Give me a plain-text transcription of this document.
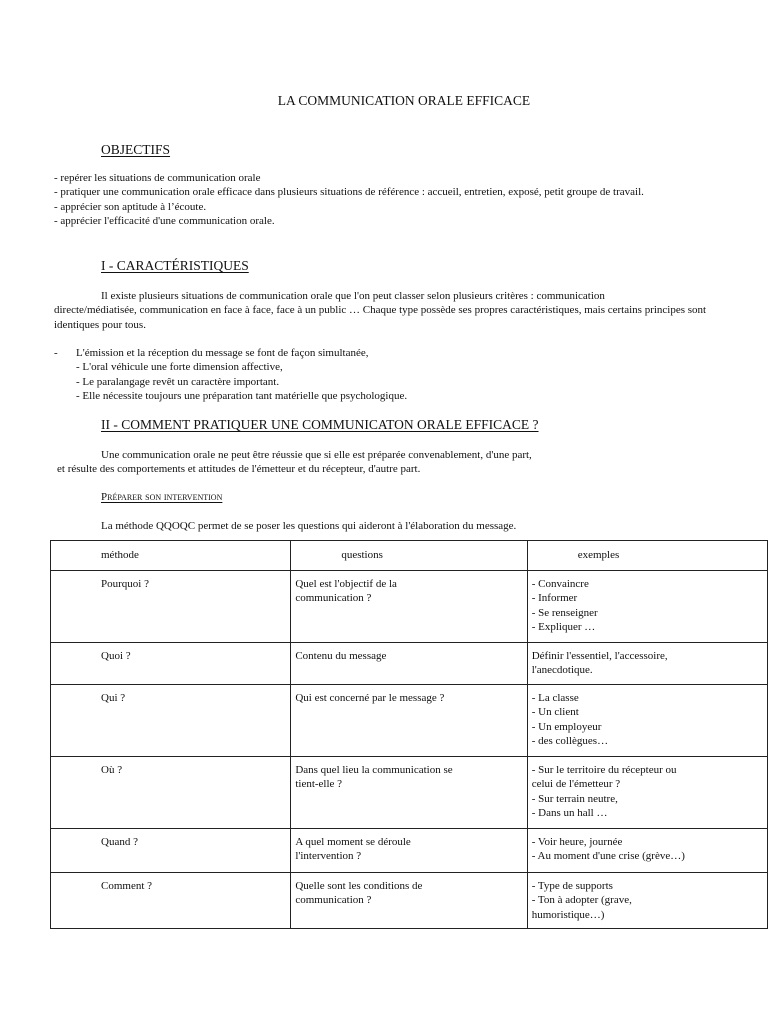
LA COMMUNICATION ORALE EFFICACE
OBJECTIFS
- repérer les situations de communication orale
- pratiquer une communication orale efficace dans plusieurs situations de référence : accueil, entretien, exposé, petit groupe de travail.
- apprécier son aptitude à l’écoute.
- apprécier l'efficacité d'une communication orale.
I - CARACTÉRISTIQUES
Il existe plusieurs situations de communication orale que l'on peut classer selon plusieurs critères : communication
directe/médiatisée, communication en face à face, face à un public … Chaque type possède ses propres caractéristiques, mais certains principes sont identiques pour tous.
-	L'émission et la réception du message se font de façon simultanée,
- L'oral véhicule une forte dimension affective,
- Le paralangage revêt un caractère important.
- Elle nécessite toujours une préparation tant matérielle que psychologique.
II - COMMENT PRATIQUER UNE COMMUNICATON ORALE EFFICACE ?
Une communication orale ne peut être réussie que si elle est préparée convenablement, d'une part,
et résulte des comportements et attitudes de l'émetteur et du récepteur, d'autre part.
Préparer son intervention
La méthode QQOQC permet de se poser les questions qui aideront à l'élaboration du message.
méthode	questions	exemples
Pourquoi ?	Quel est l'objectif de la
communication ?	- Convaincre
- Informer
- Se renseigner
- Expliquer …

Quoi ?	Contenu du message	Définir l'essentiel, l'accessoire,
l'anecdotique.

Qui ?	Qui est concerné par le message ?	- La classe
- Un client
- Un employeur
- des collègues…

Où ?	Dans quel lieu la communication se
tient-elle ?	- Sur le territoire du récepteur ou
celui de l'émetteur ?
- Sur terrain neutre,
- Dans un hall …

Quand ?	A quel moment se déroule
l'intervention ?	- Voir heure, journée
- Au moment d'une crise (grève…)

Comment ?	Quelle sont les conditions de
communication ?	- Type de supports
- Ton à adopter (grave,
humoristique…)
